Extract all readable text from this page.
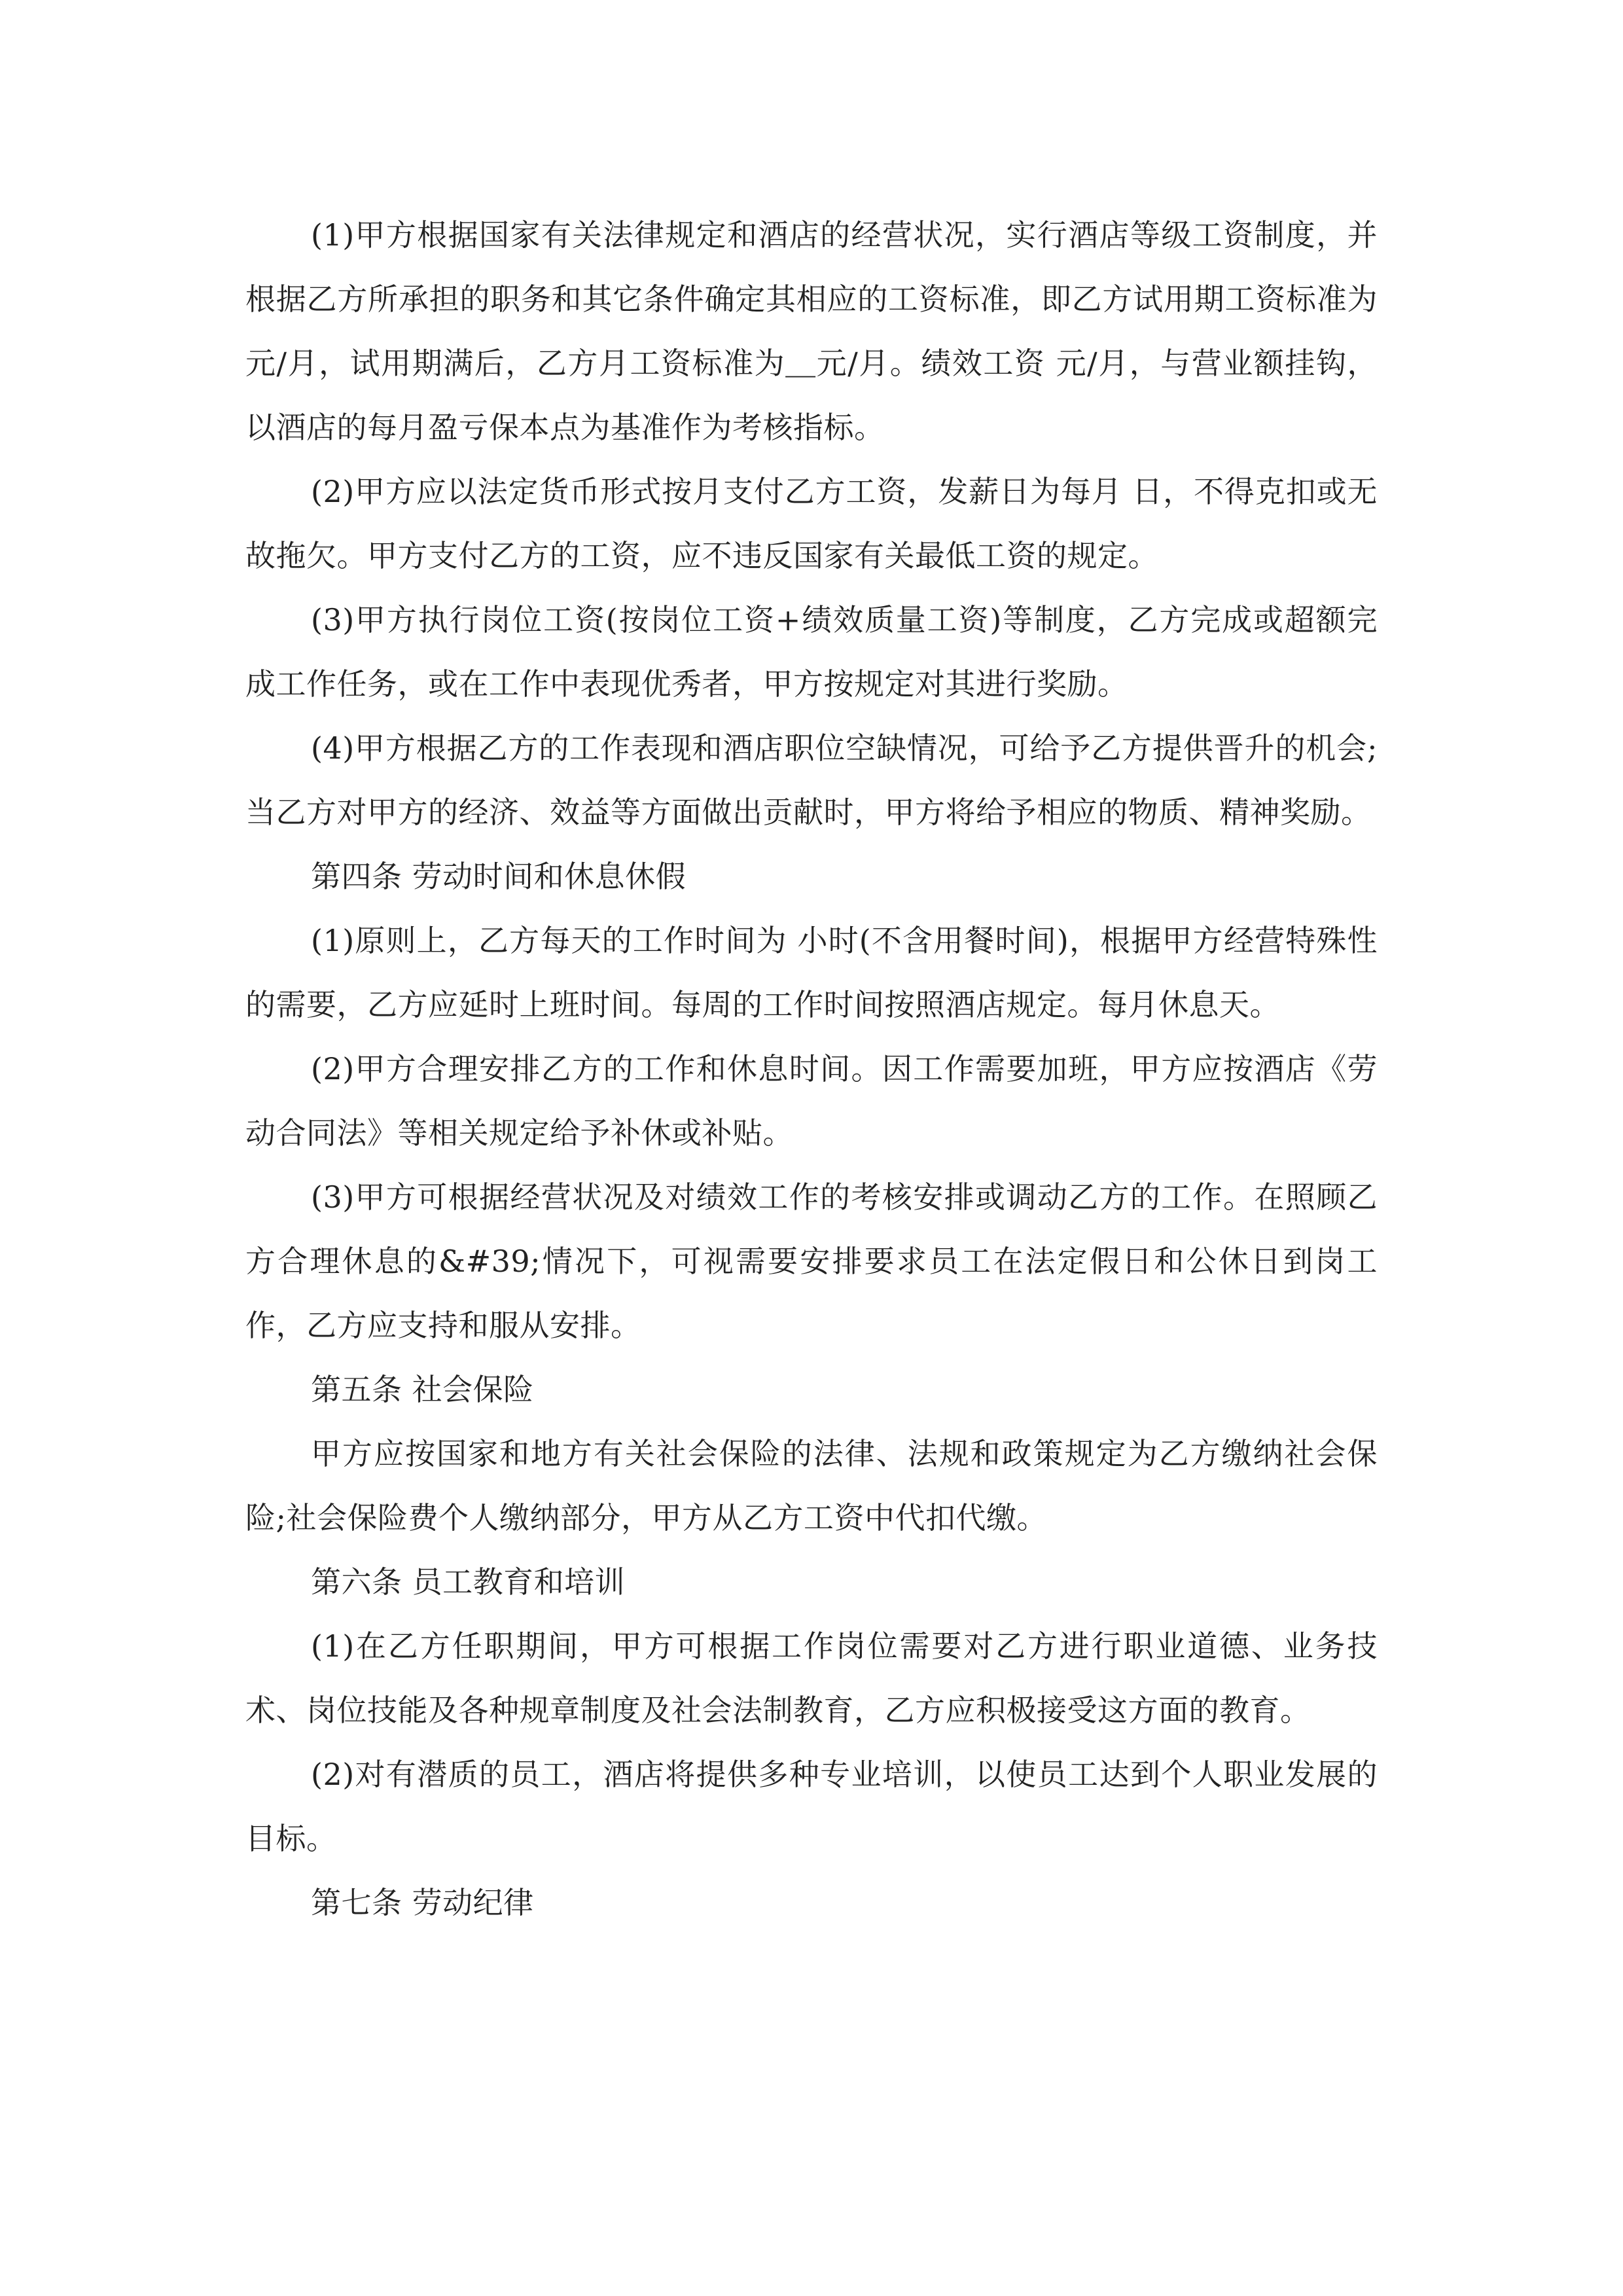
(1)甲方根据国家有关法律规定和酒店的经营状况，实行酒店等级工资制度，并根据乙方所承担的职务和其它条件确定其相应的工资标准，即乙方试用期工资标准为 元/月，试用期满后，乙方月工资标准为＿元/月。绩效工资 元/月，与营业额挂钩，以酒店的每月盈亏保本点为基准作为考核指标。

(2)甲方应以法定货币形式按月支付乙方工资，发薪日为每月 日，不得克扣或无故拖欠。甲方支付乙方的工资，应不违反国家有关最低工资的规定。

(3)甲方执行岗位工资(按岗位工资+绩效质量工资)等制度，乙方完成或超额完成工作任务，或在工作中表现优秀者，甲方按规定对其进行奖励。

(4)甲方根据乙方的工作表现和酒店职位空缺情况，可给予乙方提供晋升的机会;当乙方对甲方的经济、效益等方面做出贡献时，甲方将给予相应的物质、精神奖励。

第四条 劳动时间和休息休假

(1)原则上，乙方每天的工作时间为 小时(不含用餐时间)，根据甲方经营特殊性的需要，乙方应延时上班时间。每周的工作时间按照酒店规定。每月休息天。

(2)甲方合理安排乙方的工作和休息时间。因工作需要加班，甲方应按酒店《劳动合同法》等相关规定给予补休或补贴。

(3)甲方可根据经营状况及对绩效工作的考核安排或调动乙方的工作。在照顾乙方合理休息的&#39;情况下，可视需要安排要求员工在法定假日和公休日到岗工作，乙方应支持和服从安排。

第五条 社会保险

甲方应按国家和地方有关社会保险的法律、法规和政策规定为乙方缴纳社会保险;社会保险费个人缴纳部分，甲方从乙方工资中代扣代缴。

第六条 员工教育和培训

(1)在乙方任职期间，甲方可根据工作岗位需要对乙方进行职业道德、业务技术、岗位技能及各种规章制度及社会法制教育，乙方应积极接受这方面的教育。

(2)对有潜质的员工，酒店将提供多种专业培训，以使员工达到个人职业发展的目标。

第七条 劳动纪律
